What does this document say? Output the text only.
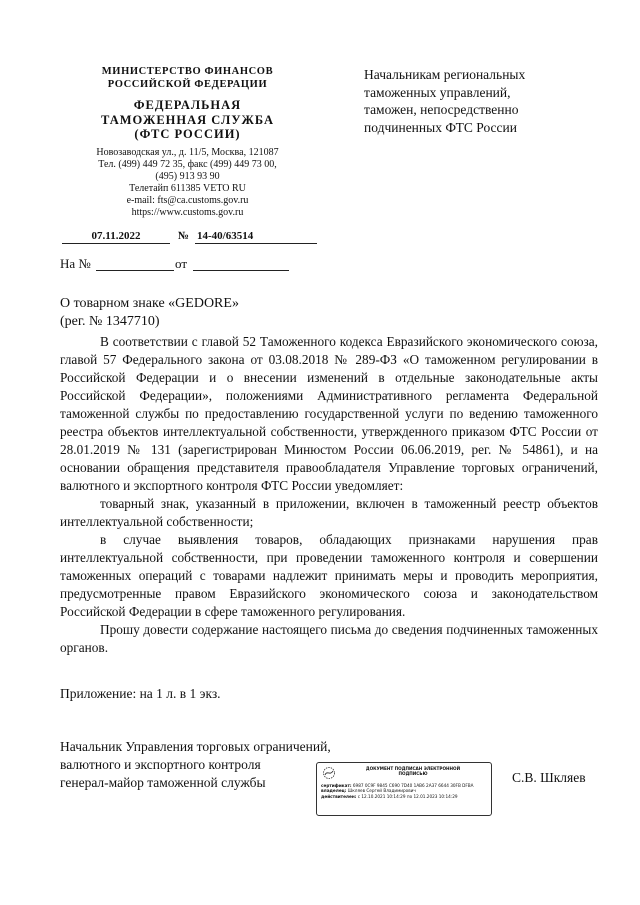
МИНИСТЕРСТВО ФИНАНСОВ
РОССИЙСКОЙ ФЕДЕРАЦИИ
ФЕДЕРАЛЬНАЯ
ТАМОЖЕННАЯ СЛУЖБА
(ФТС РОССИИ)
Новозаводская ул., д. 11/5, Москва, 121087
Тел. (499) 449 72 35, факс (499) 449 73 00,
(495) 913 93 90
Телетайп 611385 VETO RU
e-mail: fts@ca.customs.gov.ru
https://www.customs.gov.ru
07.11.2022	№ 14-40/63514
На №	от
Начальникам региональных
таможенных управлений,
таможен, непосредственно
подчиненных ФТС России
О товарном знаке «GEDORE»
(рег. № 1347710)

В соответствии с главой 52 Таможенного кодекса Евразийского экономического союза, главой 57 Федерального закона от 03.08.2018 № 289-ФЗ «О таможенном регулировании в Российской Федерации и о внесении изменений в отдельные законодательные акты Российской Федерации», положениями Административного регламента Федеральной таможенной службы по предоставлению государственной услуги по ведению таможенного реестра объектов интеллектуальной собственности, утвержденного приказом ФТС России от 28.01.2019 № 131 (зарегистрирован Минюстом России 06.06.2019, рег. № 54861), и на основании обращения представителя правообладателя Управление торговых ограничений, валютного и экспортного контроля ФТС России уведомляет:

товарный знак, указанный в приложении, включен в таможенный реестр объектов интеллектуальной собственности;

в случае выявления товаров, обладающих признаками нарушения прав интеллектуальной собственности, при проведении таможенного контроля и совершении таможенных операций с товарами надлежит принимать меры и проводить мероприятия, предусмотренные правом Евразийского экономического союза и законодательством Российской Федерации в сфере таможенного регулирования.

Прошу довести содержание настоящего письма до сведения подчиненных таможенных органов.

Приложение: на 1 л. в 1 экз.
Начальник Управления торговых ограничений,
валютного и экспортного контроля
генерал-майор таможенной службы
ДОКУМЕНТ ПОДПИСАН ЭЛЕКТРОННОЙ
ПОДПИСЬЮ
сертификат: 6987 0C9F 9845 C690 7D40 1AB6 2A37 6644 30FB DFBA
владелец: Шкляев Сергей Владимирович
действителен: с 12.10.2021 10:14:29 по 12.01.2023 10:14:29
С.В. Шкляев
